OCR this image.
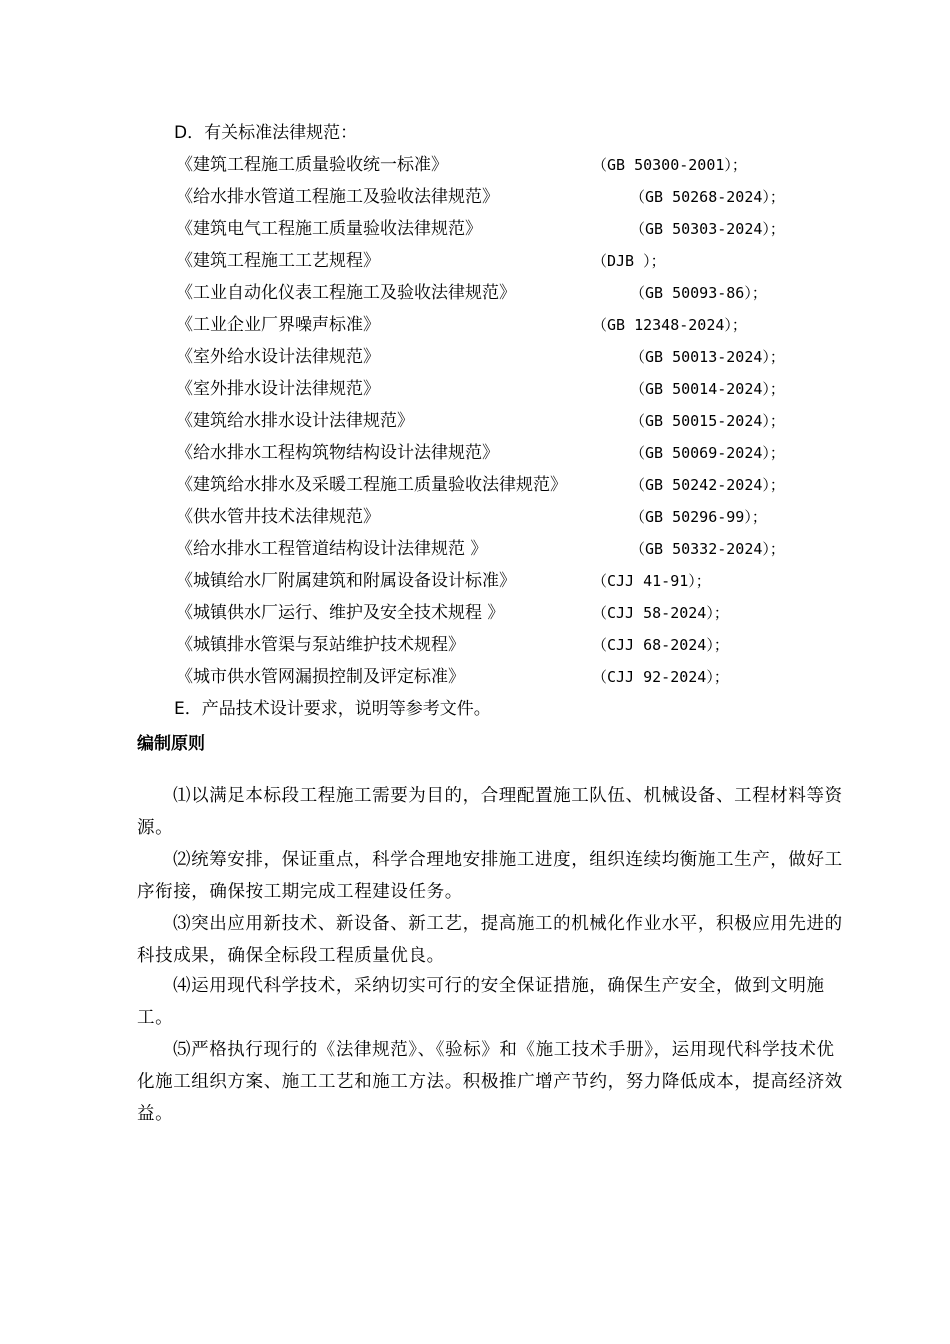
D．有关标准法律规范：
《建筑工程施工质量验收统一标准》	（GB 50300-2001）；
《给水排水管道工程施工及验收法律规范》	（GB 50268-2024）；
《建筑电气工程施工质量验收法律规范》	（GB 50303-2024）；
《建筑工程施工工艺规程》	（DJB ）；
《工业自动化仪表工程施工及验收法律规范》	（GB 50093-86）；
《工业企业厂界噪声标准》	（GB 12348-2024）；
《室外给水设计法律规范》	（GB 50013-2024）；
《室外排水设计法律规范》	（GB 50014-2024）；
《建筑给水排水设计法律规范》	（GB 50015-2024）；
《给水排水工程构筑物结构设计法律规范》	（GB 50069-2024）；
《建筑给水排水及采暖工程施工质量验收法律规范》	（GB 50242-2024）；
《供水管井技术法律规范》	（GB 50296-99）；
《给水排水工程管道结构设计法律规范 》	（GB 50332-2024）；
《城镇给水厂附属建筑和附属设备设计标准》	（CJJ 41-91）；
《城镇供水厂运行、维护及安全技术规程 》	（CJJ 58-2024）；
《城镇排水管渠与泵站维护技术规程》	（CJJ 68-2024）；
《城市供水管网漏损控制及评定标准》	（CJJ 92-2024）；
E．产品技术设计要求，说明等参考文件。
编制原则
⑴以满足本标段工程施工需要为目的，合理配置施工队伍、机械设备、工程材料等资源。
⑵统筹安排，保证重点，科学合理地安排施工进度，组织连续均衡施工生产，做好工序衔接，确保按工期完成工程建设任务。
⑶突出应用新技术、新设备、新工艺，提高施工的机械化作业水平，积极应用先进的科技成果，确保全标段工程质量优良。
⑷运用现代科学技术，采纳切实可行的安全保证措施，确保生产安全，做到文明施工。
⑸严格执行现行的《法律规范》、《验标》和《施工技术手册》，运用现代科学技术优化施工组织方案、施工工艺和施工方法。积极推广增产节约，努力降低成本，提高经济效益。
